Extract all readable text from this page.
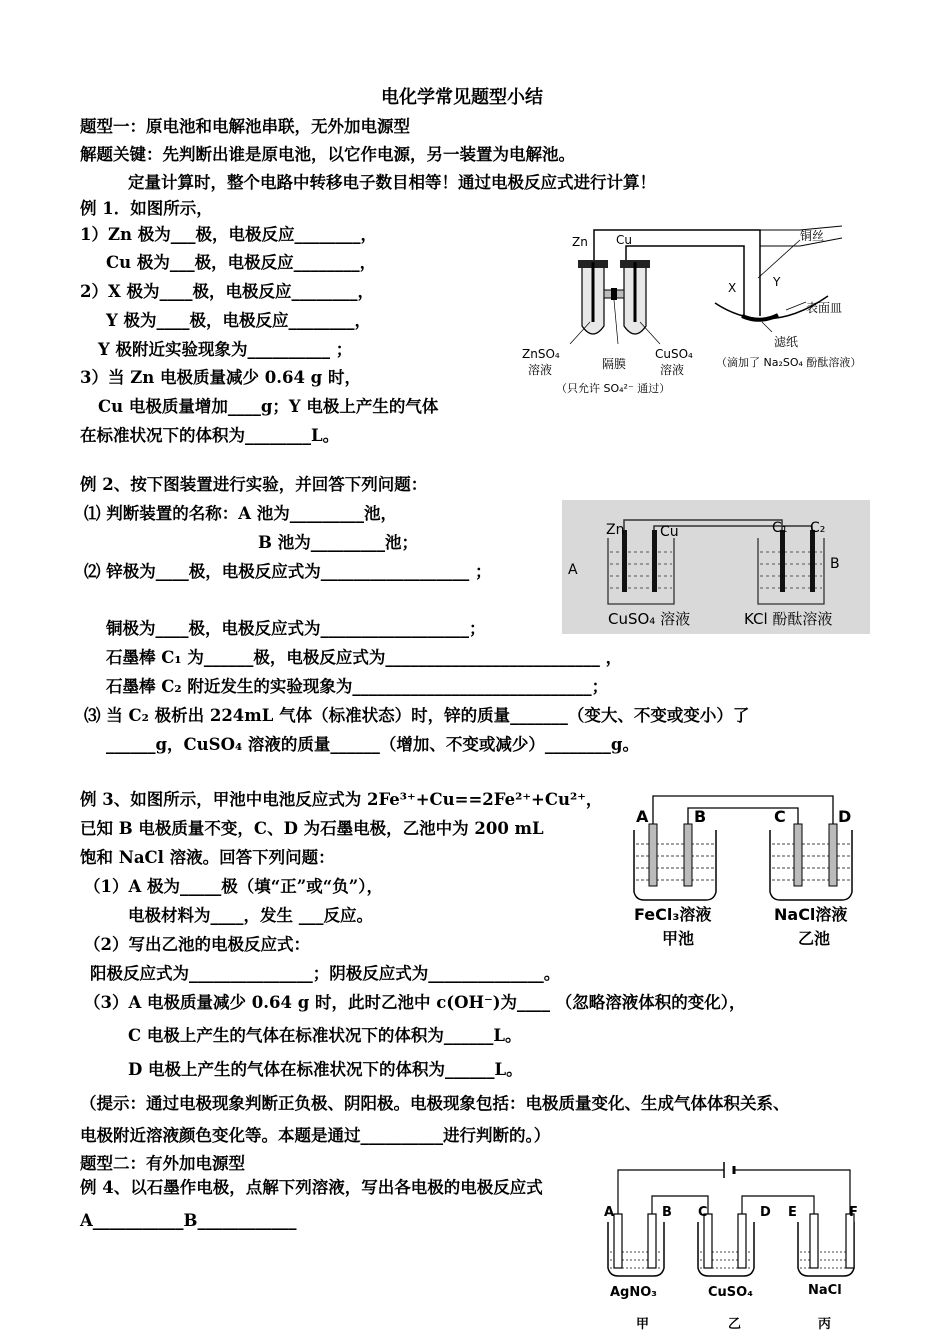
电化学常见题型小结
题型一：原电池和电解池串联，无外加电源型
解题关键：先判断出谁是原电池，以它作电源，另一装置为电解池。
定量计算时，整个电路中转移电子数目相等！通过电极反应式进行计算！
例 1．如图所示，
1）Zn 极为___极，电极反应________，
Cu 极为___极，电极反应________，
2）X 极为____极，电极反应________，
Y 极为____极，电极反应________，
Y 极附近实验现象为__________ ；
3）当 Zn 电极质量减少 0.64 g 时，
Cu 电极质量增加____g；Y 电极上产生的气体
在标准状况下的体积为________L。
Zn Cu	铜丝
X	Y
表面皿
滤纸
（滴加了 Na₂SO₄ 酚酞溶液）
ZnSO₄
溶液	隔膜
CuSO₄
溶液
（只允许 SO₄²⁻ 通过）
例 2、按下图装置进行实验，并回答下列问题：
⑴ 判断装置的名称：A 池为_________池，
B 池为_________池；
⑵ 锌极为____极，电极反应式为__________________ ；
铜极为____极，电极反应式为__________________；
石墨棒 C₁ 为______极，电极反应式为__________________________ ，
石墨棒 C₂ 附近发生的实验现象为_____________________________；
⑶ 当 C₂ 极析出 224mL 气体（标准状态）时，锌的质量_______（变大、不变或变小）了
______g，CuSO₄ 溶液的质量______（增加、不变或减少）________g。
Zn	Cu	C₁ C₂
A	B
CuSO₄ 溶液	KCl 酚酞溶液
例 3、如图所示，甲池中电池反应式为 2Fe³⁺+Cu==2Fe²⁺+Cu²⁺，
已知 B 电极质量不变，C、D 为石墨电极，乙池中为 200 mL
饱和 NaCl 溶液。回答下列问题：
（1）A 极为_____极（填“正”或“负”），
电极材料为____，发生 ___反应。
（2）写出乙池的电极反应式：
阳极反应式为_______________；阴极反应式为______________。
（3）A 电极质量减少 0.64 g 时，此时乙池中 c(OH⁻)为____ （忽略溶液体积的变化），
C 电极上产生的气体在标准状况下的体积为______L。
D 电极上产生的气体在标准状况下的体积为______L。
（提示：通过电极现象判断正负极、阴阳极。电极现象包括：电极质量变化、生成气体体积关系、
电极附近溶液颜色变化等。本题是通过__________进行判断的。）
A	B	C	D
FeCl₃溶液	NaCl溶液
甲池	乙池
题型二：有外加电源型
例 4、以石墨作电极，点解下列溶液，写出各电极的电极反应式
A___________B____________	A	B C	D E	F
AgNO₃	CuSO₄	NaCl
甲	乙	丙
